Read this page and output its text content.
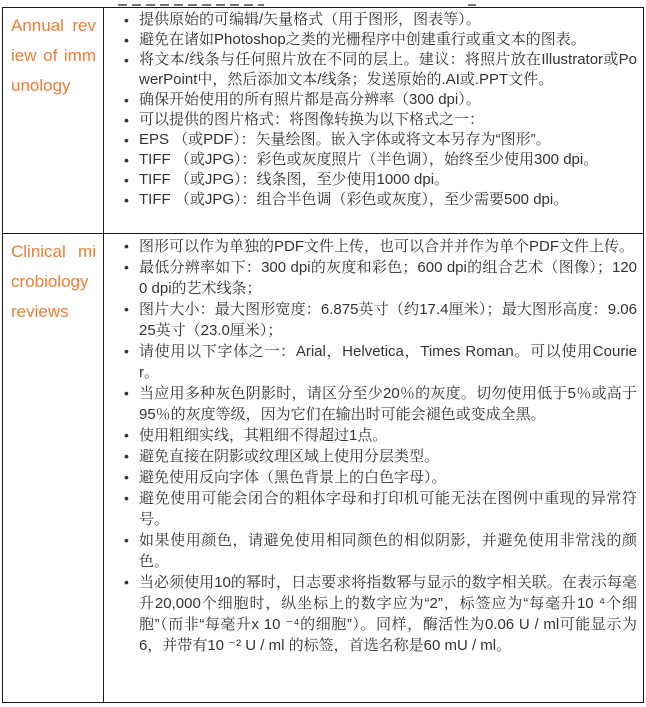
Annual review of immunology
• 提供原始的可编辑/矢量格式（用于图形，图表等）。
• 避免在诸如Photoshop之类的光栅程序中创建重行或重文本的图表。
• 将文本/线条与任何照片放在不同的层上。建议：将照片放在Illustrator或PowerPoint中，然后添加文本/线条；发送原始的.AI或.PPT文件。
• 确保开始使用的所有照片都是高分辨率（300 dpi）。
• 可以提供的图片格式：将图像转换为以下格式之一：
• EPS （或PDF）：矢量绘图。嵌入字体或将文本另存为“图形”。
• TIFF （或JPG）：彩色或灰度照片（半色调），始终至少使用300 dpi。
• TIFF （或JPG）：线条图，至少使用1000 dpi。
• TIFF （或JPG）：组合半色调（彩色或灰度），至少需要500 dpi。
Clinical microbiology reviews
• 图形可以作为单独的PDF文件上传，也可以合并并作为单个PDF文件上传。
• 最低分辨率如下：300 dpi的灰度和彩色；600 dpi的组合艺术（图像）；1200 dpi的艺术线条；
• 图片大小：最大图形宽度：6.875英寸（约17.4厘米）；最大图形高度：9.0625英寸（23.0厘米）；
• 请使用以下字体之一：Arial，Helvetica，Times Roman。可以使用Courier。
• 当应用多种灰色阴影时，请区分至少20％的灰度。切勿使用低于5％或高于95％的灰度等级，因为它们在输出时可能会褪色或变成全黑。
• 使用粗细实线，其粗细不得超过1点。
• 避免直接在阴影或纹理区域上使用分层类型。
• 避免使用反向字体（黑色背景上的白色字母）。
• 避免使用可能会闭合的粗体字母和打印机可能无法在图例中重现的异常符号。
• 如果使用颜色，请避免使用相同颜色的相似阴影，并避免使用非常浅的颜色。
• 当必须使用10的幂时，日志要求将指数幂与显示的数字相关联。在表示每毫升20,000个细胞时，纵坐标上的数字应为“2”，标签应为“每毫升10 ⁴个细胞”（而非“每毫升x 10 ⁻⁴的细胞”）。同样，酶活性为0.06 U / ml可能显示为6，并带有10 ⁻² U / ml 的标签，首选名称是60 mU / ml。
